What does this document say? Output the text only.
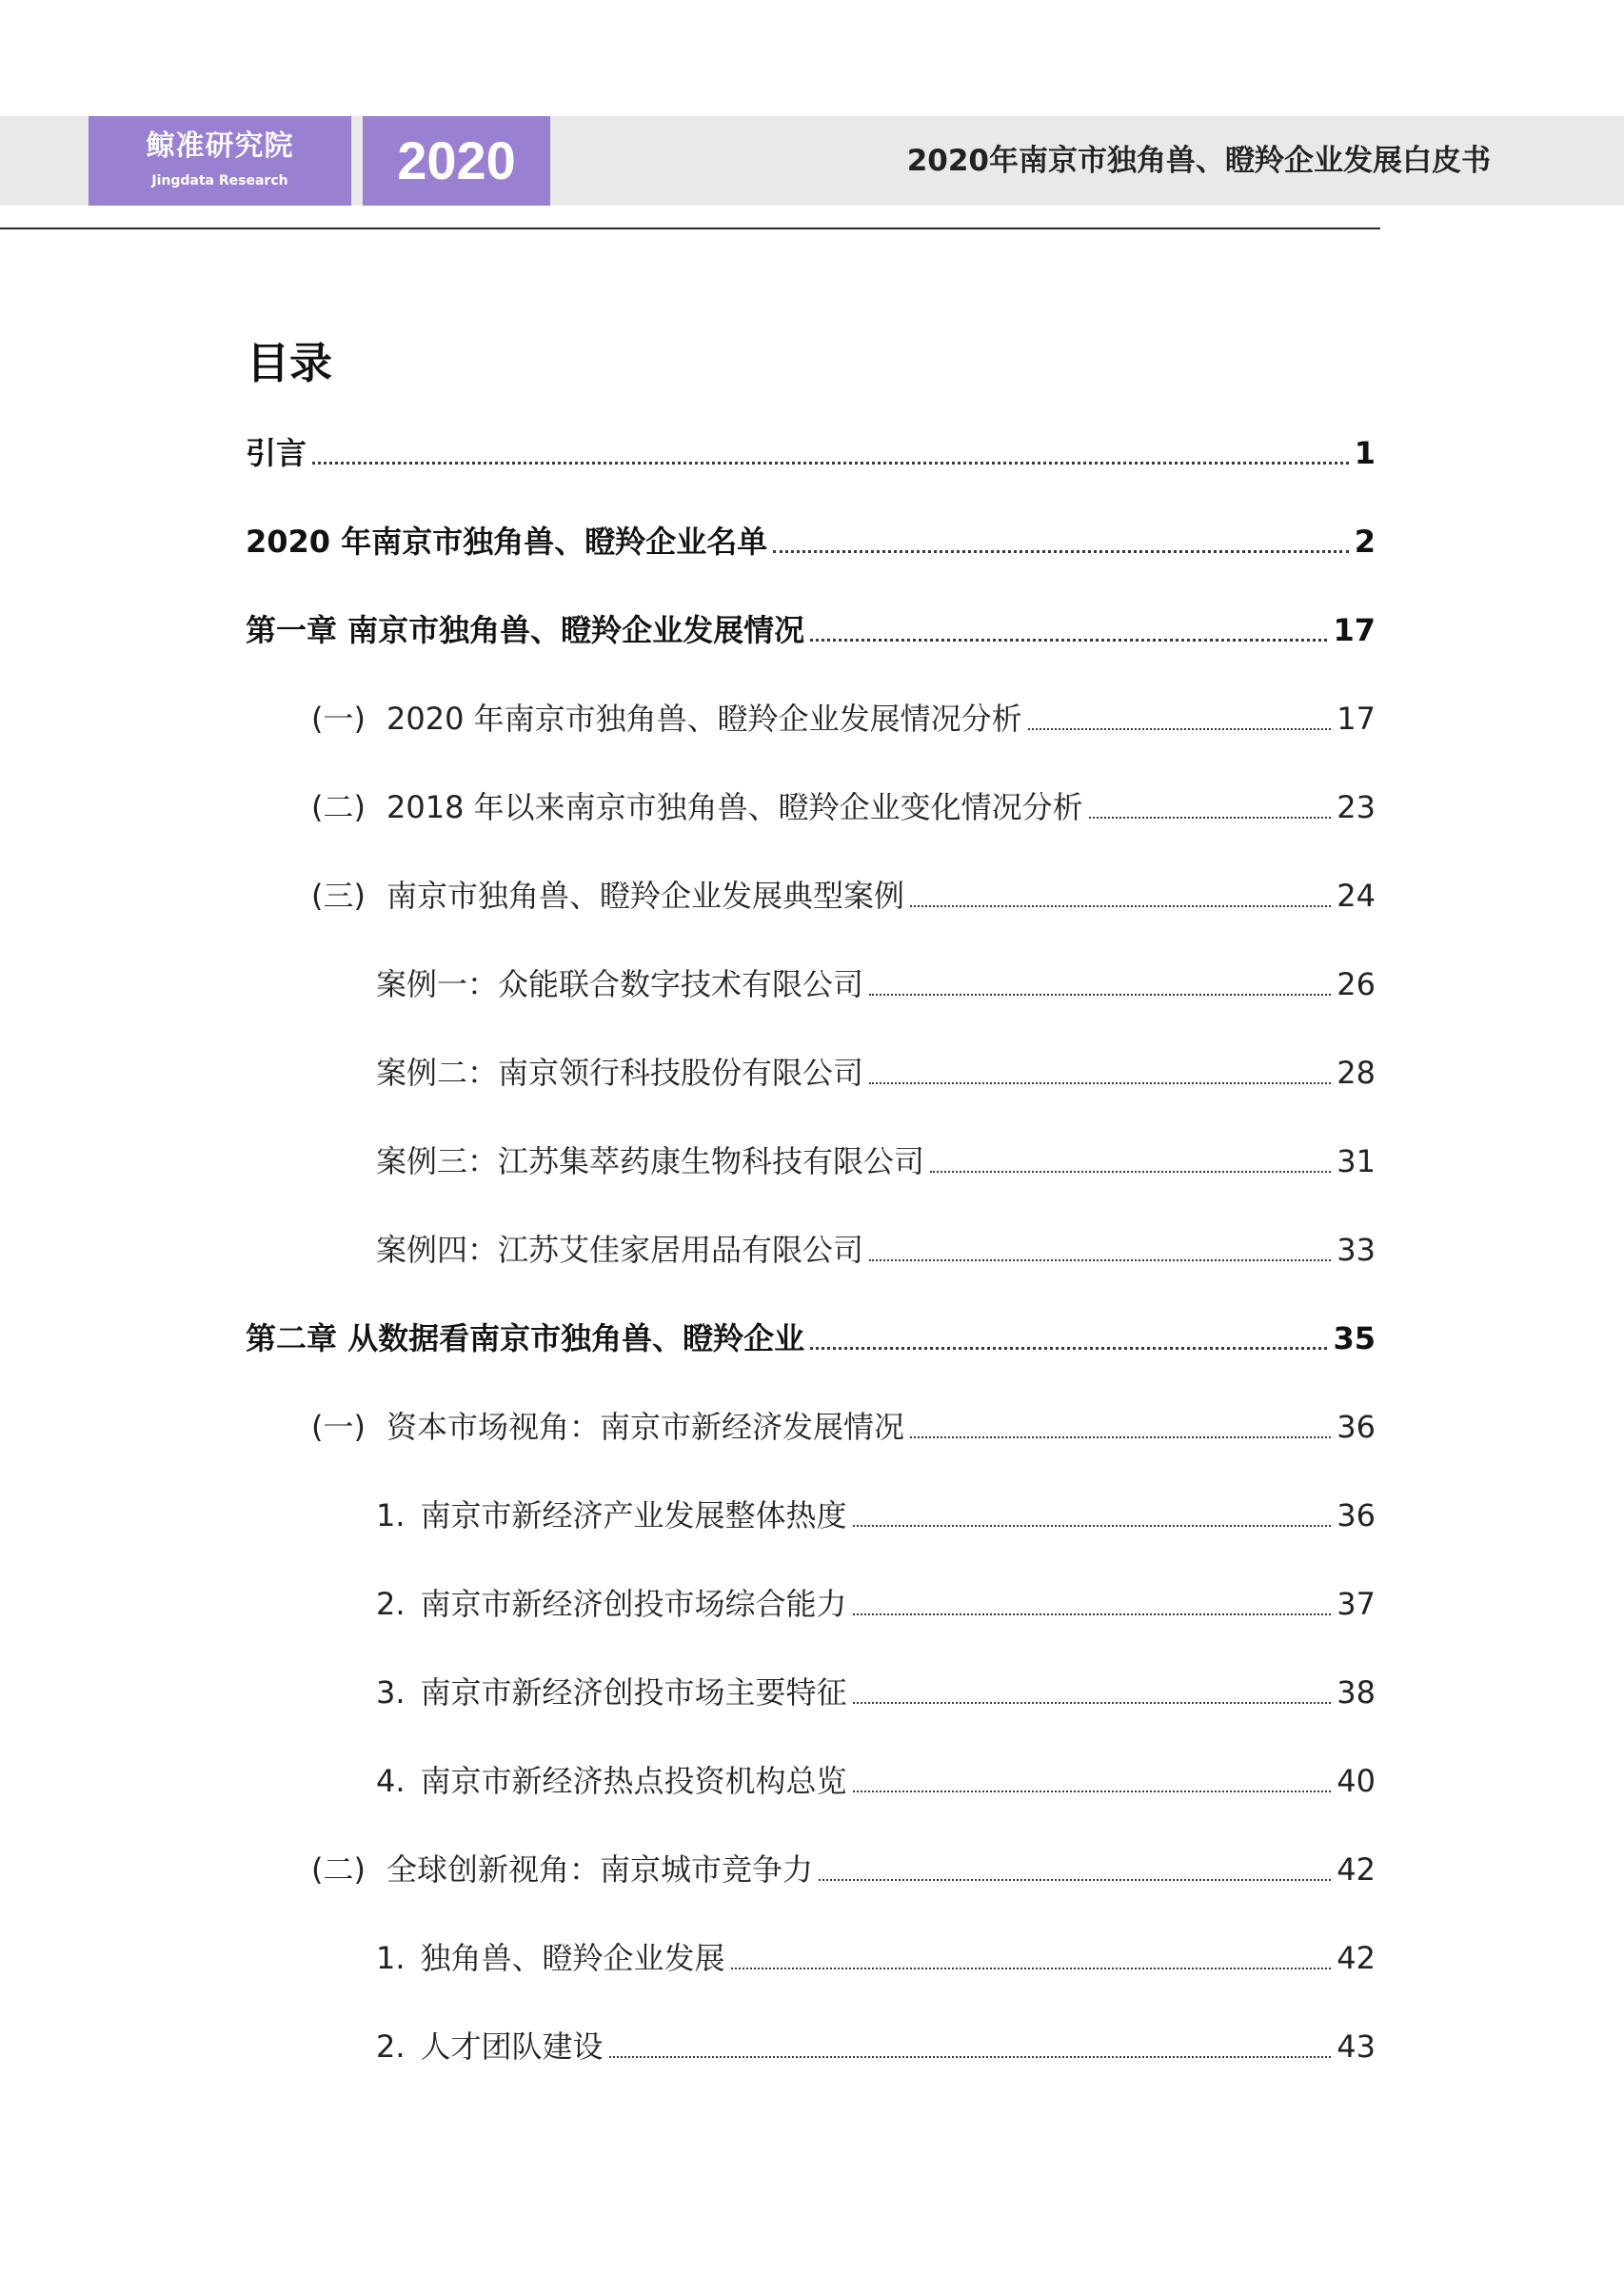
鲸准研究院
Jingdata Research	2020	2020年南京市独角兽、瞪羚企业发展白皮书
目录
引言	1
2020 年南京市独角兽、瞪羚企业名单	2
第一章 南京市独角兽、瞪羚企业发展情况	17
(一) 2020 年南京市独角兽、瞪羚企业发展情况分析	17
(二) 2018 年以来南京市独角兽、瞪羚企业变化情况分析	23
(三) 南京市独角兽、瞪羚企业发展典型案例	24
案例一：众能联合数字技术有限公司	26
案例二：南京领行科技股份有限公司	28
案例三：江苏集萃药康生物科技有限公司	31
案例四：江苏艾佳家居用品有限公司	33
第二章 从数据看南京市独角兽、瞪羚企业	35
(一) 资本市场视角：南京市新经济发展情况	36
1. 南京市新经济产业发展整体热度	36
2. 南京市新经济创投市场综合能力	37
3. 南京市新经济创投市场主要特征	38
4. 南京市新经济热点投资机构总览	40
(二) 全球创新视角：南京城市竞争力	42
1. 独角兽、瞪羚企业发展	42
2. 人才团队建设	43
